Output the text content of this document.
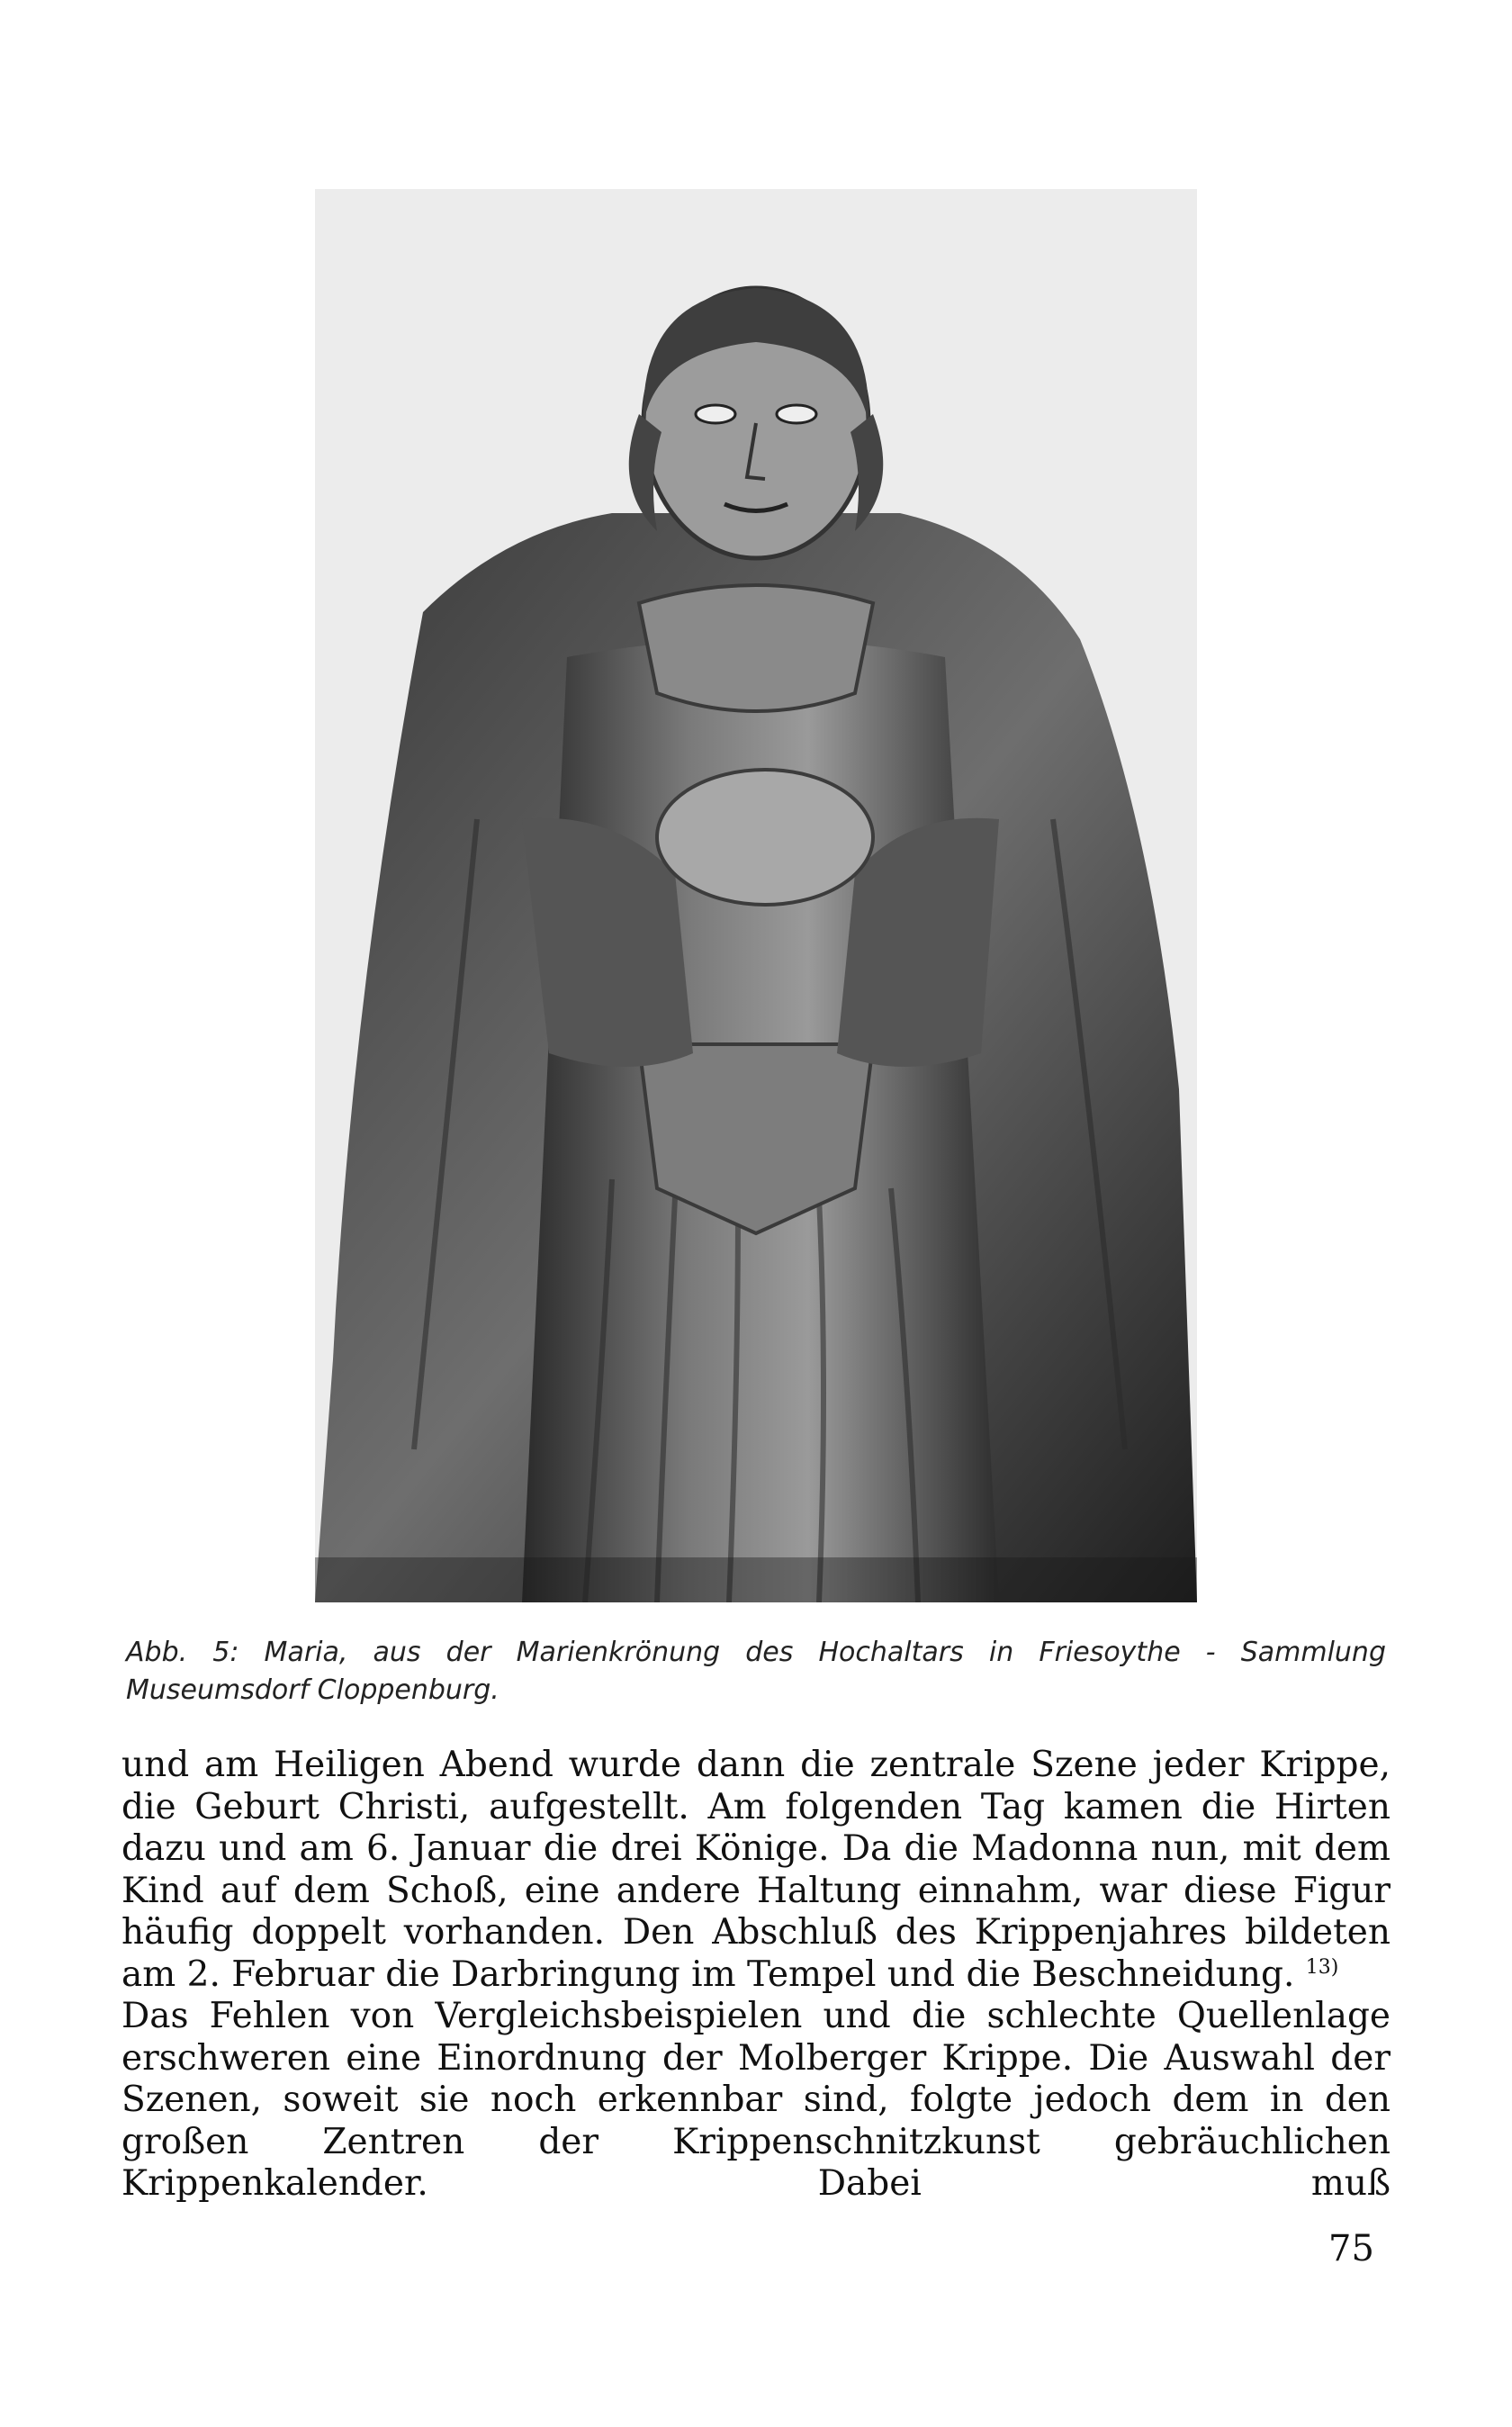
Abb. 5: Maria, aus der Marienkrönung des Hochaltars in Friesoythe - Sammlung Museumsdorf Cloppenburg.

und am Heiligen Abend wurde dann die zentrale Szene jeder Krippe, die Geburt Christi, aufgestellt. Am folgenden Tag kamen die Hirten dazu und am 6. Januar die drei Könige. Da die Madonna nun, mit dem Kind auf dem Schoß, eine andere Haltung einnahm, war diese Figur häufig doppelt vorhanden. Den Abschluß des Krippenjahres bildeten am 2. Februar die Darbringung im Tempel und die Beschneidung. $^{13)}$

Das Fehlen von Vergleichsbeispielen und die schlechte Quellenlage erschweren eine Einordnung der Molberger Krippe. Die Auswahl der Szenen, soweit sie noch erkennbar sind, folgte jedoch dem in den großen Zentren der Krippenschnitzkunst gebräuchlichen Krippenkalender. Dabei muß

75
